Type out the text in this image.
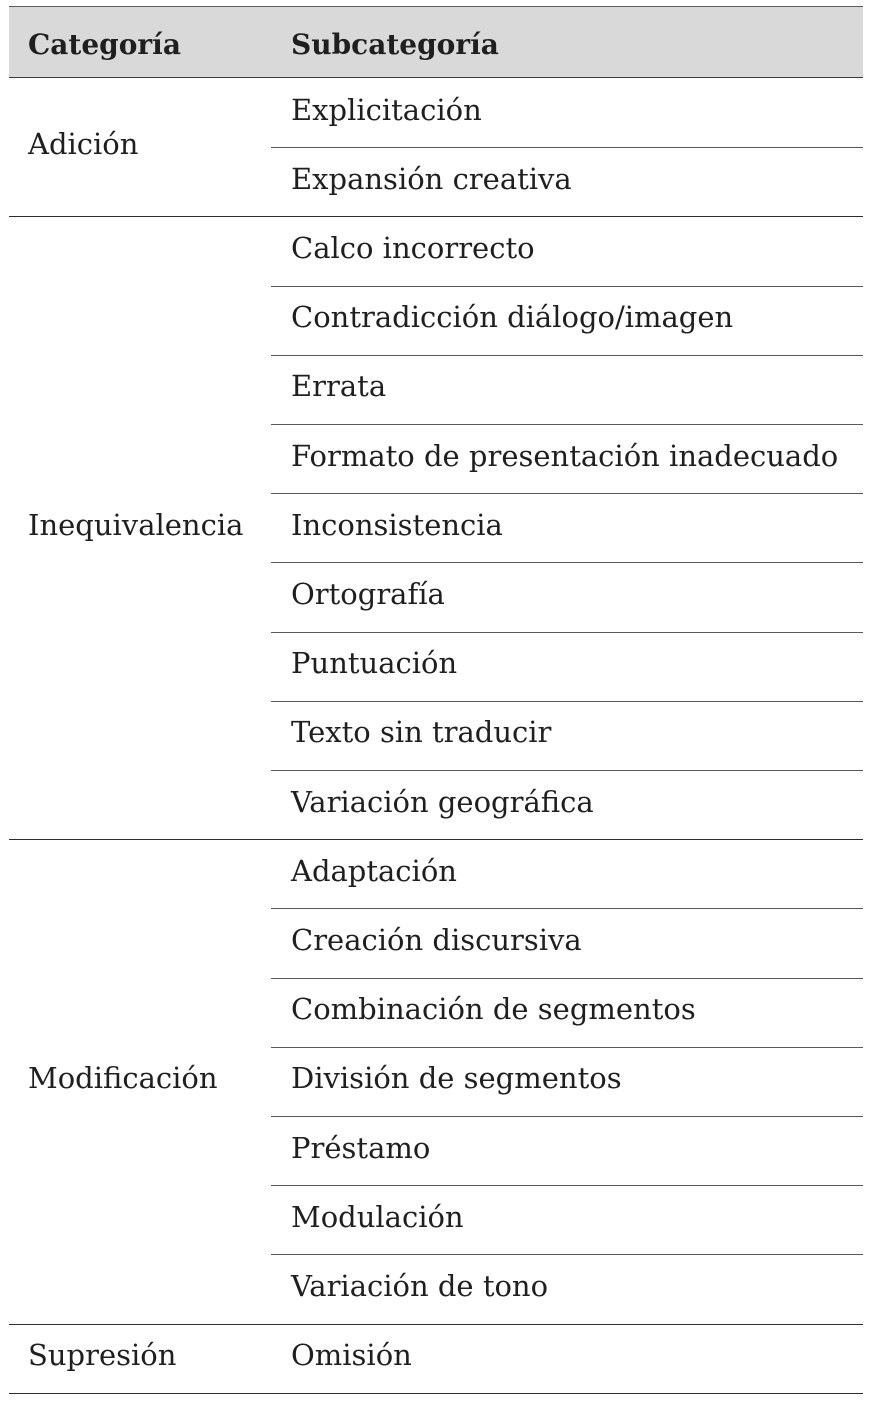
Categoría	Subcategoría
Adición
Explicitación
Expansión creativa
Inequivalencia
Calco incorrecto
Contradicción diálogo/imagen
Errata
Formato de presentación inadecuado
Inconsistencia
Ortografía
Puntuación
Texto sin traducir
Variación geográfica
Modificación
Adaptación
Creación discursiva
Combinación de segmentos
División de segmentos
Préstamo
Modulación
Variación de tono
Supresión	Omisión
